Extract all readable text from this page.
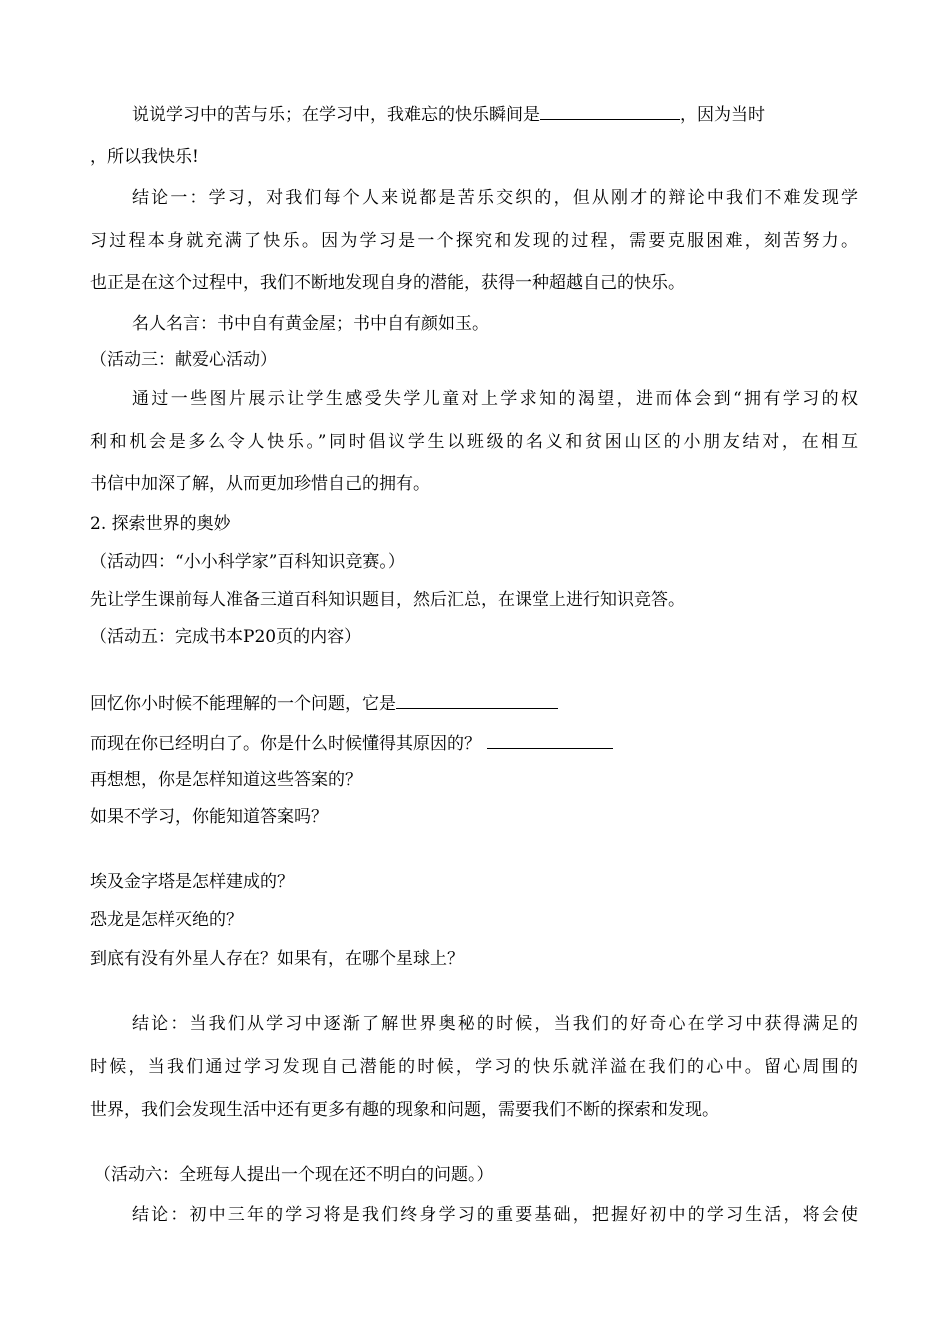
说说学习中的苦与乐；在学习中，我难忘的快乐瞬间是	，因为当时
，所以我快乐!
结论一：学习，对我们每个人来说都是苦乐交织的，但从刚才的辩论中我们不难发现学
习过程本身就充满了快乐。因为学习是一个探究和发现的过程，需要克服困难，刻苦努力。
也正是在这个过程中，我们不断地发现自身的潜能，获得一种超越自己的快乐。
名人名言：书中自有黄金屋；书中自有颜如玉。
（活动三：献爱心活动）
通过一些图片展示让学生感受失学儿童对上学求知的渴望，进而体会到“拥有学习的权
利和机会是多么令人快乐。”同时倡议学生以班级的名义和贫困山区的小朋友结对，在相互
书信中加深了解，从而更加珍惜自己的拥有。
2. 探索世界的奥妙
（活动四：“小小科学家”百科知识竞赛。）
先让学生课前每人准备三道百科知识题目，然后汇总，在课堂上进行知识竞答。
（活动五：完成书本P20页的内容）
回忆你小时候不能理解的一个问题，它是
而现在你已经明白了。你是什么时候懂得其原因的？
再想想，你是怎样知道这些答案的？
如果不学习，你能知道答案吗？
埃及金字塔是怎样建成的？
恐龙是怎样灭绝的？
到底有没有外星人存在？如果有，在哪个星球上？
结论：当我们从学习中逐渐了解世界奥秘的时候，当我们的好奇心在学习中获得满足的
时候，当我们通过学习发现自己潜能的时候，学习的快乐就洋溢在我们的心中。留心周围的
世界，我们会发现生活中还有更多有趣的现象和问题，需要我们不断的探索和发现。
（活动六：全班每人提出一个现在还不明白的问题。）
结论：初中三年的学习将是我们终身学习的重要基础，把握好初中的学习生活，将会使
